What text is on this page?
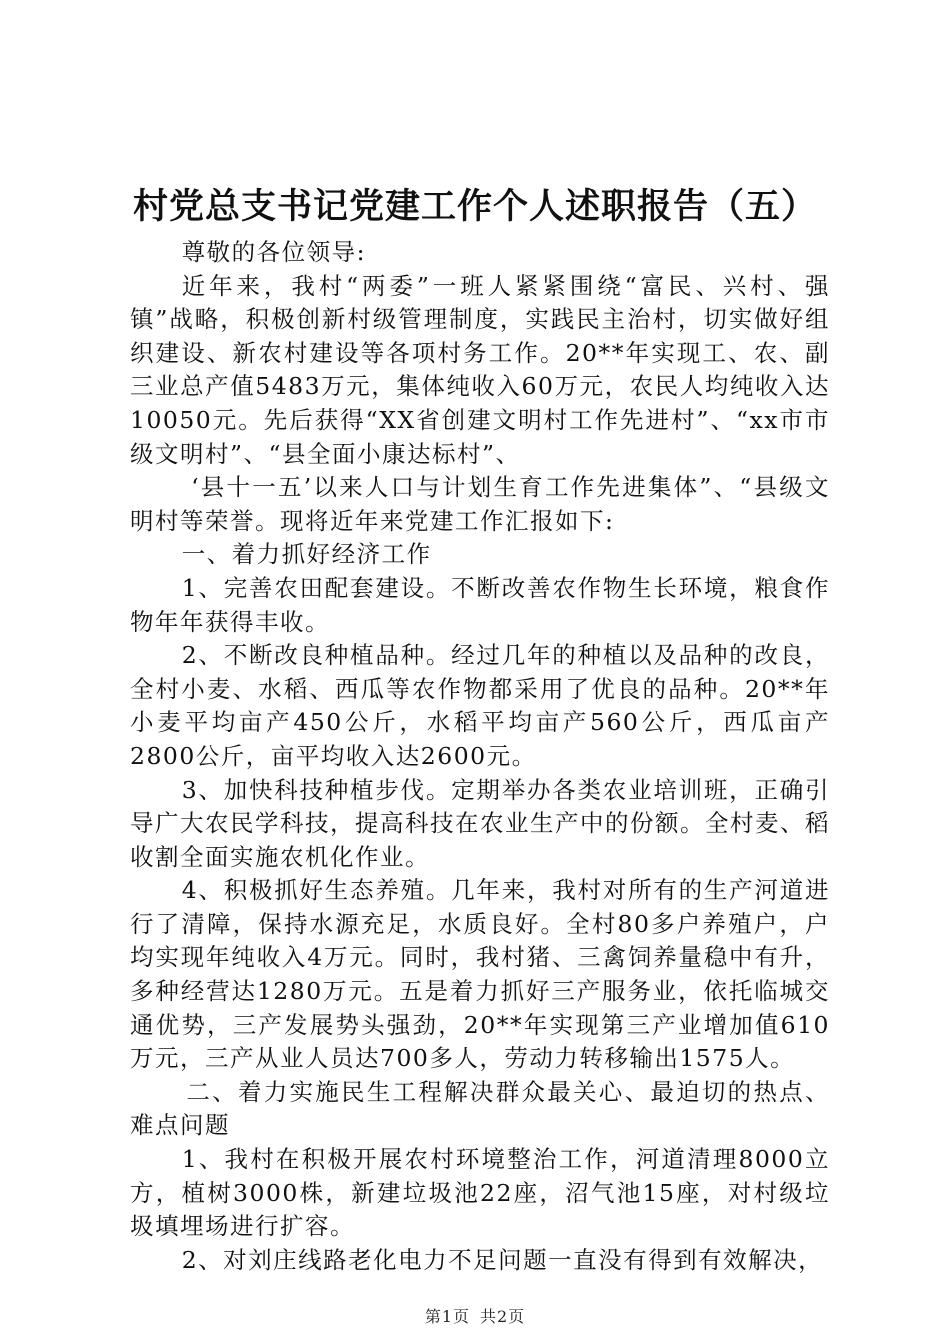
村党总支书记党建工作个人述职报告（五）

尊敬的各位领导:

近年来，我村“两委”一班人紧紧围绕“富民、兴村、强镇”战略，积极创新村级管理制度，实践民主治村，切实做好组织建设、新农村建设等各项村务工作。20**年实现工、农、副三业总产值5483万元，集体纯收入60万元，农民人均纯收入达10050元。先后获得“XX省创建文明村工作先进村”、“xx市市级文明村”、“县全面小康达标村”、

‘县十一五’以来人口与计划生育工作先进集体”、“县级文明村等荣誉。现将近年来党建工作汇报如下:

一、着力抓好经济工作

1、完善农田配套建设。不断改善农作物生长环境，粮食作物年年获得丰收。

2、不断改良种植品种。经过几年的种植以及品种的改良，全村小麦、水稻、西瓜等农作物都采用了优良的品种。20**年小麦平均亩产450公斤，水稻平均亩产560公斤，西瓜亩产2800公斤，亩平均收入达2600元。

3、加快科技种植步伐。定期举办各类农业培训班，正确引导广大农民学科技，提高科技在农业生产中的份额。全村麦、稻收割全面实施农机化作业。

4、积极抓好生态养殖。几年来，我村对所有的生产河道进行了清障，保持水源充足，水质良好。全村80多户养殖户，户均实现年纯收入4万元。同时，我村猪、三禽饲养量稳中有升，多种经营达1280万元。五是着力抓好三产服务业，依托临城交通优势，三产发展势头强劲，20**年实现第三产业增加值610万元，三产从业人员达700多人，劳动力转移输出1575人。

二、着力实施民生工程解决群众最关心、最迫切的热点、难点问题

1、我村在积极开展农村环境整治工作，河道清理8000立方，植树3000株，新建垃圾池22座，沼气池15座，对村级垃圾填埋场进行扩容。

2、对刘庄线路老化电力不足问题一直没有得到有效解决，

第1页 共2页
